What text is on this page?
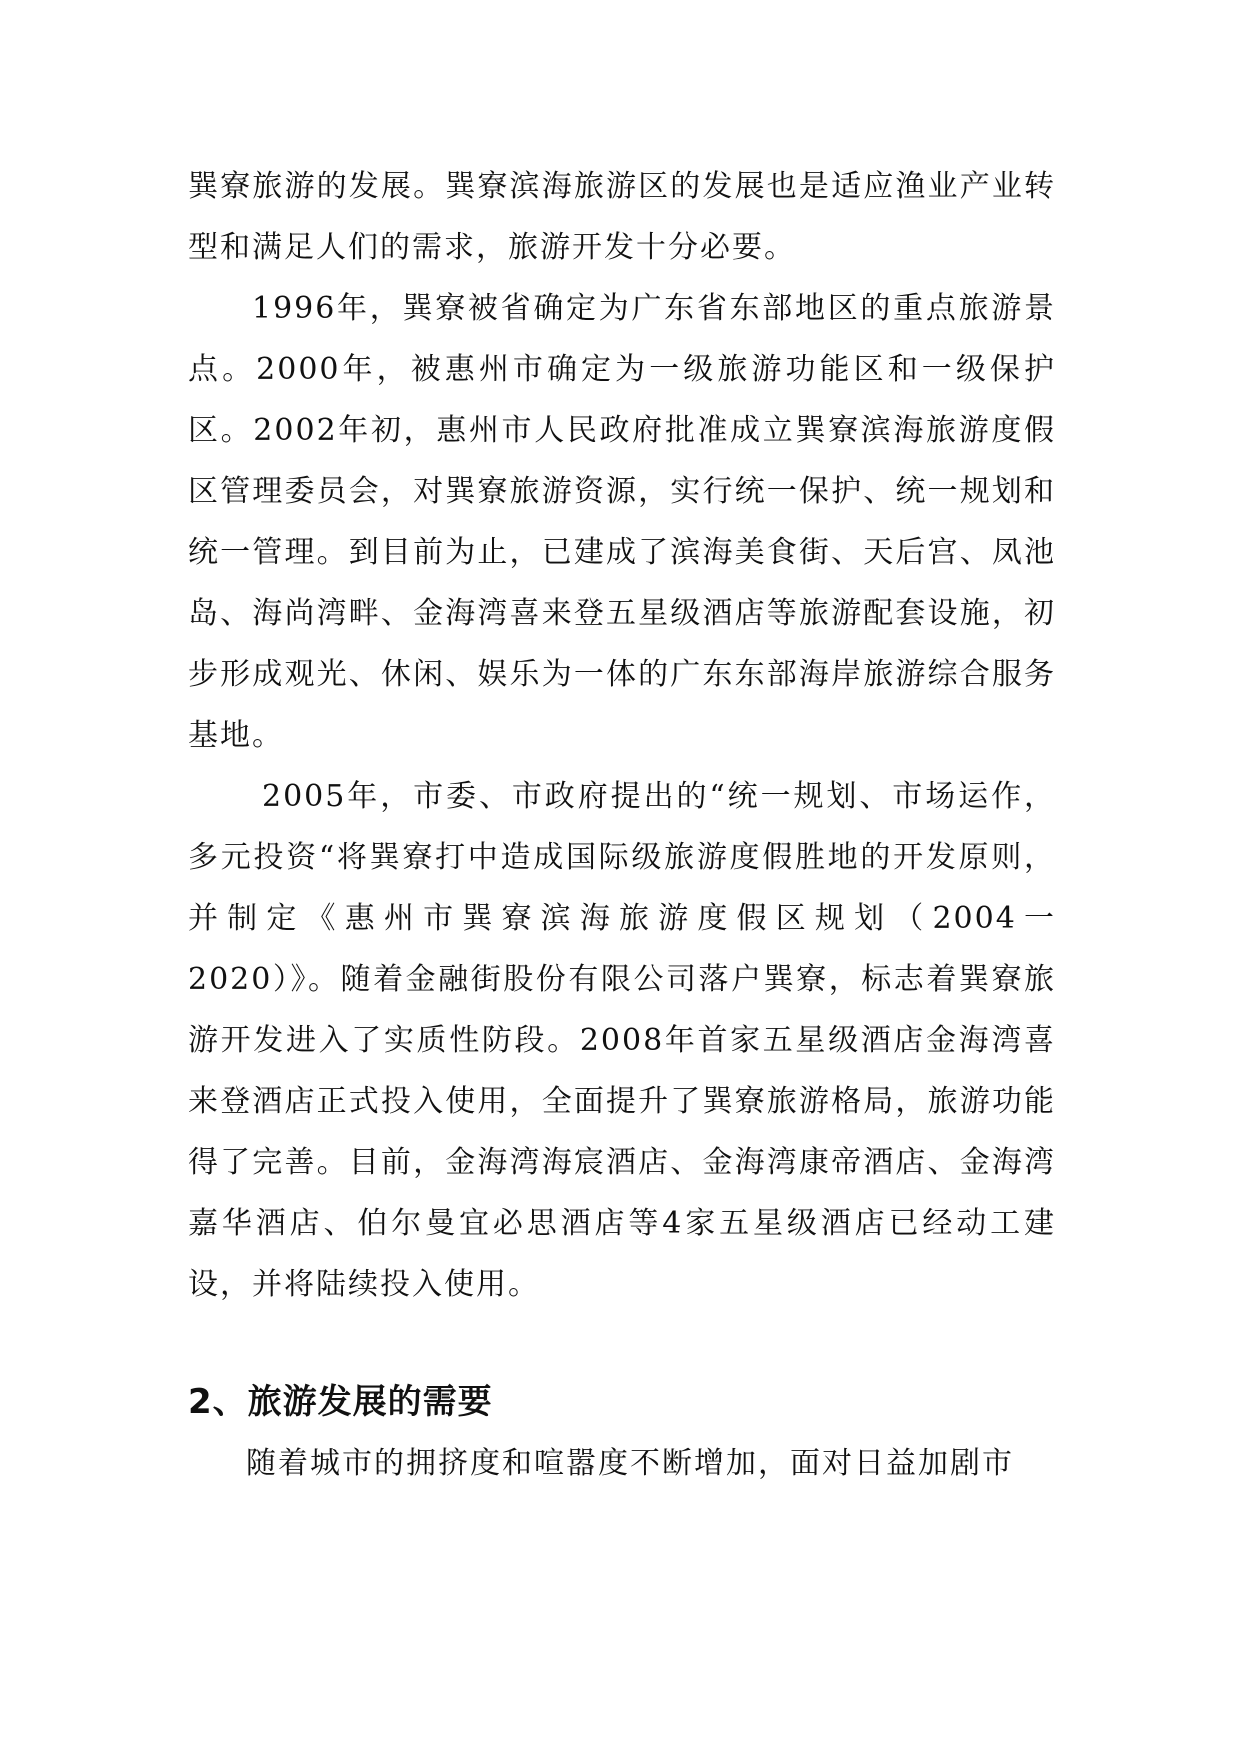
巽寮旅游的发展。巽寮滨海旅游区的发展也是适应渔业产业转型和满足人们的需求，旅游开发十分必要。

1996年，巽寮被省确定为广东省东部地区的重点旅游景点。2000年，被惠州市确定为一级旅游功能区和一级保护区。2002年初，惠州市人民政府批准成立巽寮滨海旅游度假区管理委员会，对巽寮旅游资源，实行统一保护、统一规划和统一管理。到目前为止，已建成了滨海美食街、天后宫、凤池岛、海尚湾畔、金海湾喜来登五星级酒店等旅游配套设施，初步形成观光、休闲、娱乐为一体的广东东部海岸旅游综合服务基地。

2005年，市委、市政府提出的“统一规划、市场运作，多元投资“将巽寮打中造成国际级旅游度假胜地的开发原则，并制定《惠州市巽寮滨海旅游度假区规划（2004一2020）》。随着金融街股份有限公司落户巽寮，标志着巽寮旅游开发进入了实质性防段。2008年首家五星级酒店金海湾喜来登酒店正式投入使用，全面提升了巽寮旅游格局，旅游功能得了完善。目前，金海湾海宸酒店、金海湾康帝酒店、金海湾嘉华酒店、伯尔曼宜必思酒店等4家五星级酒店已经动工建设，并将陆续投入使用。

2、旅游发展的需要

随着城市的拥挤度和喧嚣度不断增加，面对日益加剧市
